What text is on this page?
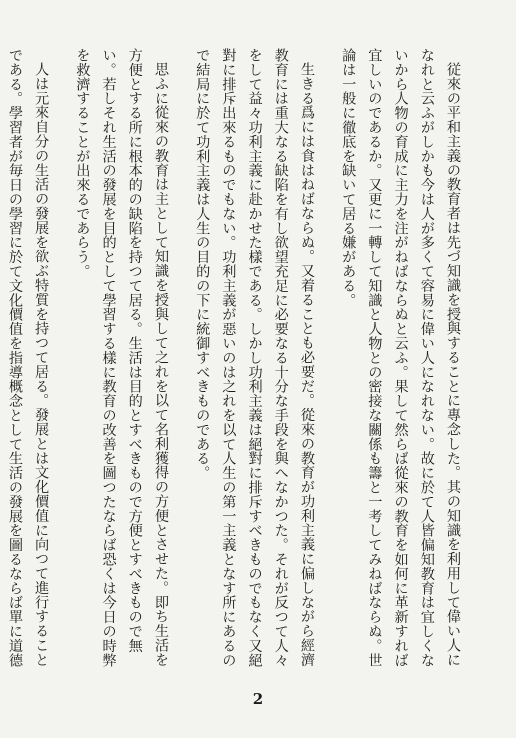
従來の平和主義の教育者は先づ知識を授與することに專念した。其の知識を利用して偉い人になれと云ふがしかも今は人が多くて容易に偉い人になれない。故に於て人皆偏知教育は宜しくないから人物の育成に主力を注がねばならぬと云ふ。果して然らば從來の教育を如何に革新すれば宜しいのであるか。又更に一轉して知識と人物との密接な關係も籌と一考してみねばならぬ。世論は一般に徹底を缺いて居る嫌がある。

生きる爲には食はねばならぬ。又着ることも必要だ。從來の教育が功利主義に偏しながら經濟教育には重大なる缺陷を有し欲望充足に必要なる十分な手段を與へなかつた。それが反つて人々をして益々功利主義に赴かせた樣である。しかし功利主義は絕對に排斥すべきものでもなく又絕對に排斥出來るものでもない。功利主義が惡いのは之れを以て人生の第一主義となす所にあるので結局に於て功利主義は人生の目的の下に統御すべきものである。

思ふに從來の教育は主として知識を授與して之れを以て名利獲得の方便とさせた。即ち生活を方便とする所に根本的の缺陷を持つて居る。生活は目的とすべきもので方便とすべきもので無い。若しそれ生活の發展を目的として學習する樣に教育の改善を圖つたならば恐くは今日の時弊を救濟することが出來るであらう。

人は元來自分の生活の發展を欲ぶ特質を持つて居る。發展とは文化價值に向つて進行することである。學習者が毎日の學習に於て文化價值を指導概念として生活の發展を圖るならば單に道德

2
